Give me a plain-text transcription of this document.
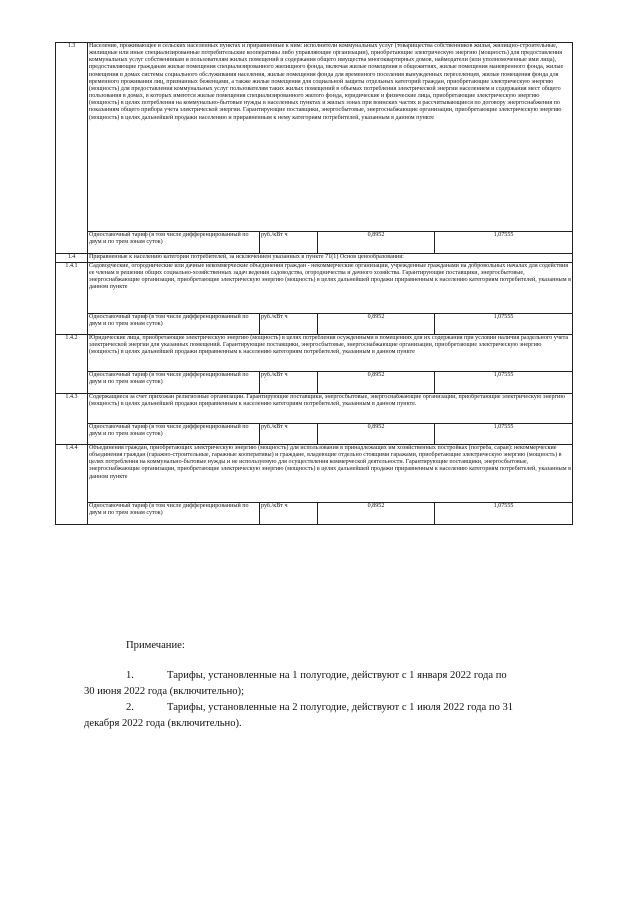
1.3	Население, проживающее в сельских населенных пунктах и приравненные к ним: исполнители коммунальных услуг (товарищества собственников жилья, жилищно-строительные, жилищные или иные специализированные потребительские кооперативы либо управляющие организации), приобретающие электрическую энергию (мощность) для предоставления коммунальных услуг собственникам и пользователям жилых помещений и содержания общего имущества многоквартирных домов, наймодатели (или уполномоченные ими лица), предоставляющие гражданам жилые помещения специализированного жилищного фонда, включая жилые помещения в общежитиях, жилые помещения маневренного фонда, жилые помещения в домах системы социального обслуживания населения, жилые помещения фонда для временного поселения вынужденных переселенцев, жилые помещения фонда для временного проживания лиц, признанных беженцами, а также жилые помещения для социальной защиты отдельных категорий граждан, приобретающие электрическую энергию (мощность) для предоставления коммунальных услуг пользователям таких жилых помещений в объемах потребления электрической энергии населением и содержания мест общего пользования в домах, в которых имеются жилые помещения специализированного жилого фонда, юридические и физические лица, приобретающие электрическую энергию (мощность) в целях потребления на коммунально-бытовые нужды в населенных пунктах и жилых зонах при воинских частях и рассчитывающиеся по договору энергоснабжения по показаниям общего прибора учета электрической энергии. Гарантирующие поставщики, энергосбытовые, энергоснабжающие организации, приобретающие электрическую энергию (мощность) в целях дальнейшей продажи населению и приравненным к нему категориям потребителей, указанным в данном пункте			
	Одноставочный тариф (в том числе дифференцированный по двум и по трем зонам суток)	руб./кВт ч	0,8952	1,07555
1.4	Приравненные к населению категории потребителей, за исключением указанных в пункте 71(1) Основ ценообразования:			
1.4.1	Садоводческие, огороднические или дачные некоммерческие объединения граждан - некоммерческие организации, учрежденные гражданами на добровольных началах для содействия ее членам в решении общих социально-хозяйственных задач ведения садоводства, огородничества и дачного хозяйства. Гарантирующие поставщики, энергосбытовые, энергоснабжающие организации, приобретающие электрическую энергию (мощность) в целях дальнейшей продажи приравненным к населению категориям потребителей, указанным в данном пункте			
	Одноставочный тариф (в том числе дифференцированный по двум и по трем зонам суток)	руб./кВт ч	0,8952	1,07555
1.4.2	Юридические лица, приобретающие электрическую энергию (мощность) в целях потребления осужденными в помещениях для их содержания при условии наличия раздельного учета электрической энергии для указанных помещений. Гарантирующие поставщики, энергосбытовые, энергоснабжающие организации, приобретающие электрическую энергию (мощность) в целях дальнейшей продажи приравненным к населению категориям потребителей, указанным в данном пункте			
	Одноставочный тариф (в том числе дифференцированный по двум и по трем зонам суток)	руб./кВт ч	0,8952	1,07555
1.4.3	Содержащиеся за счет прихожан религиозные организации. Гарантирующие поставщики, энергосбытовые, энергоснабжающие организации, приобретающие электрическую энергию (мощность) в целях дальнейшей продажи приравненным к населению категориям потребителей, указанным в данном пункте.			
	Одноставочный тариф (в том числе дифференцированный по двум и по трем зонам суток)	руб./кВт ч	0,8952	1,07555
1.4.4	Объединения граждан, приобретающих электрическую энергию (мощность) для использования в принадлежащих им хозяйственных постройках (погреба, сараи): некоммерческие объединения граждан (гаражно-строительные, гаражные кооперативы) и граждане, владеющие отдельно стоящими гаражами, приобретающие электрическую энергию (мощность) в целях потребления на коммунально-бытовые нужды и не используемую для осуществления коммерческой деятельности. Гарантирующие поставщики, энергосбытовые, энергоснабжающие организации, приобретающие электрическую энергию (мощность) в целях дальнейшей продажи приравненным к населению категориям потребителей, указанным в данном пункте			
	Одноставочный тариф (в том числе дифференцированный по двум и по трем зонам суток)	руб./кВт ч	0,8952	1,07555
Примечание:
1.	Тарифы, установленные на 1 полугодие, действуют с 1 января 2022 года по
30 июня 2022 года (включительно);
2.	Тарифы, установленные на 2 полугодие, действуют с 1 июля 2022 года по 31
декабря 2022 года (включительно).
